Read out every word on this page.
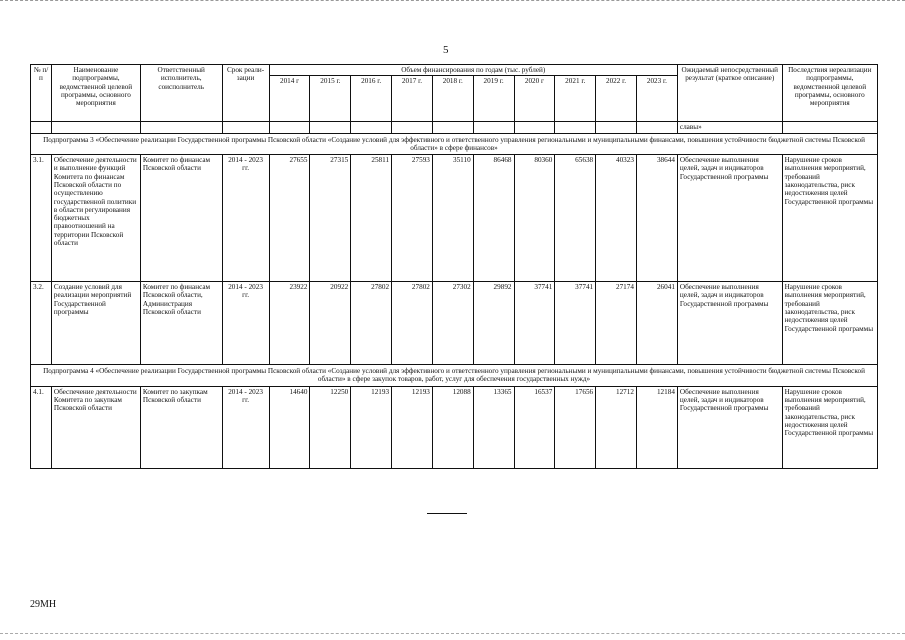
5
№ п/п	Наименование подпрограммы, ведомственной целевой программы, основного мероприятия	Ответственный исполнитель, соисполнитель	Срок реали-зации	Объем финансирования по годам (тыс. рублей)										Ожидаемый непосредственный результат (краткое описание)	Последствия нереализации подпрограммы, ведомственной целевой программы, основного мероприятия
				2014 г	2015 г.	2016 г.	2017 г.	2018 г.	2019 г.	2020 г	2021 г.	2022 г.	2023 г.		
														славы»	
Подпрограмма 3 «Обеспечение реализации Государственной программы Псковской области «Создание условий для эффективного и ответственного управления региональными и муниципальными финансами, повышения устойчивости бюджетной системы Псковской области» в сфере финансов»															
3.1.	Обеспечение деятельности и выполнение функций Комитета по финансам Псковской области по осуществлению государственной политики в области регулирования бюджетных правоотношений на территории Псковской области	Комитет по финансам Псковской области	2014 - 2023 гг.	27655	27315	25811	27593	35110	86468	80360	65638	40323	38644	Обеспечение выполнения целей, задач и индикаторов Государственной программы	Нарушение сроков выполнения мероприятий, требований законодательства, риск недостижения целей Государственной программы
3.2.	Создание условий для реализации мероприятий Государственной программы	Комитет по финансам Псковской области, Администрация Псковской области	2014 - 2023 гг.	23922	20922	27802	27802	27302	29892	37741	37741	27174	26041	Обеспечение выполнения целей, задач и индикаторов Государственной программы	Нарушение сроков выполнения мероприятий, требований законодательства, риск недостижения целей Государственной программы
Подпрограмма 4 «Обеспечение реализации Государственной программы Псковской области «Создание условий для эффективного и ответственного управления региональными и муниципальными финансами, повышения устойчивости бюджетной системы Псковской области» в сфере закупок товаров, работ, услуг для обеспечения государственных нужд»															
4.1.	Обеспечение деятельности Комитета по закупкам Псковской области	Комитет по закупкам Псковской области	2014 - 2023 гг.	14640	12250	12193	12193	12088	13365	16537	17656	12712	12184	Обеспечение выполнения целей, задач и индикаторов Государственной программы	Нарушение сроков выполнения мероприятий, требований законодательства, риск недостижения целей Государственной программы
29МН
